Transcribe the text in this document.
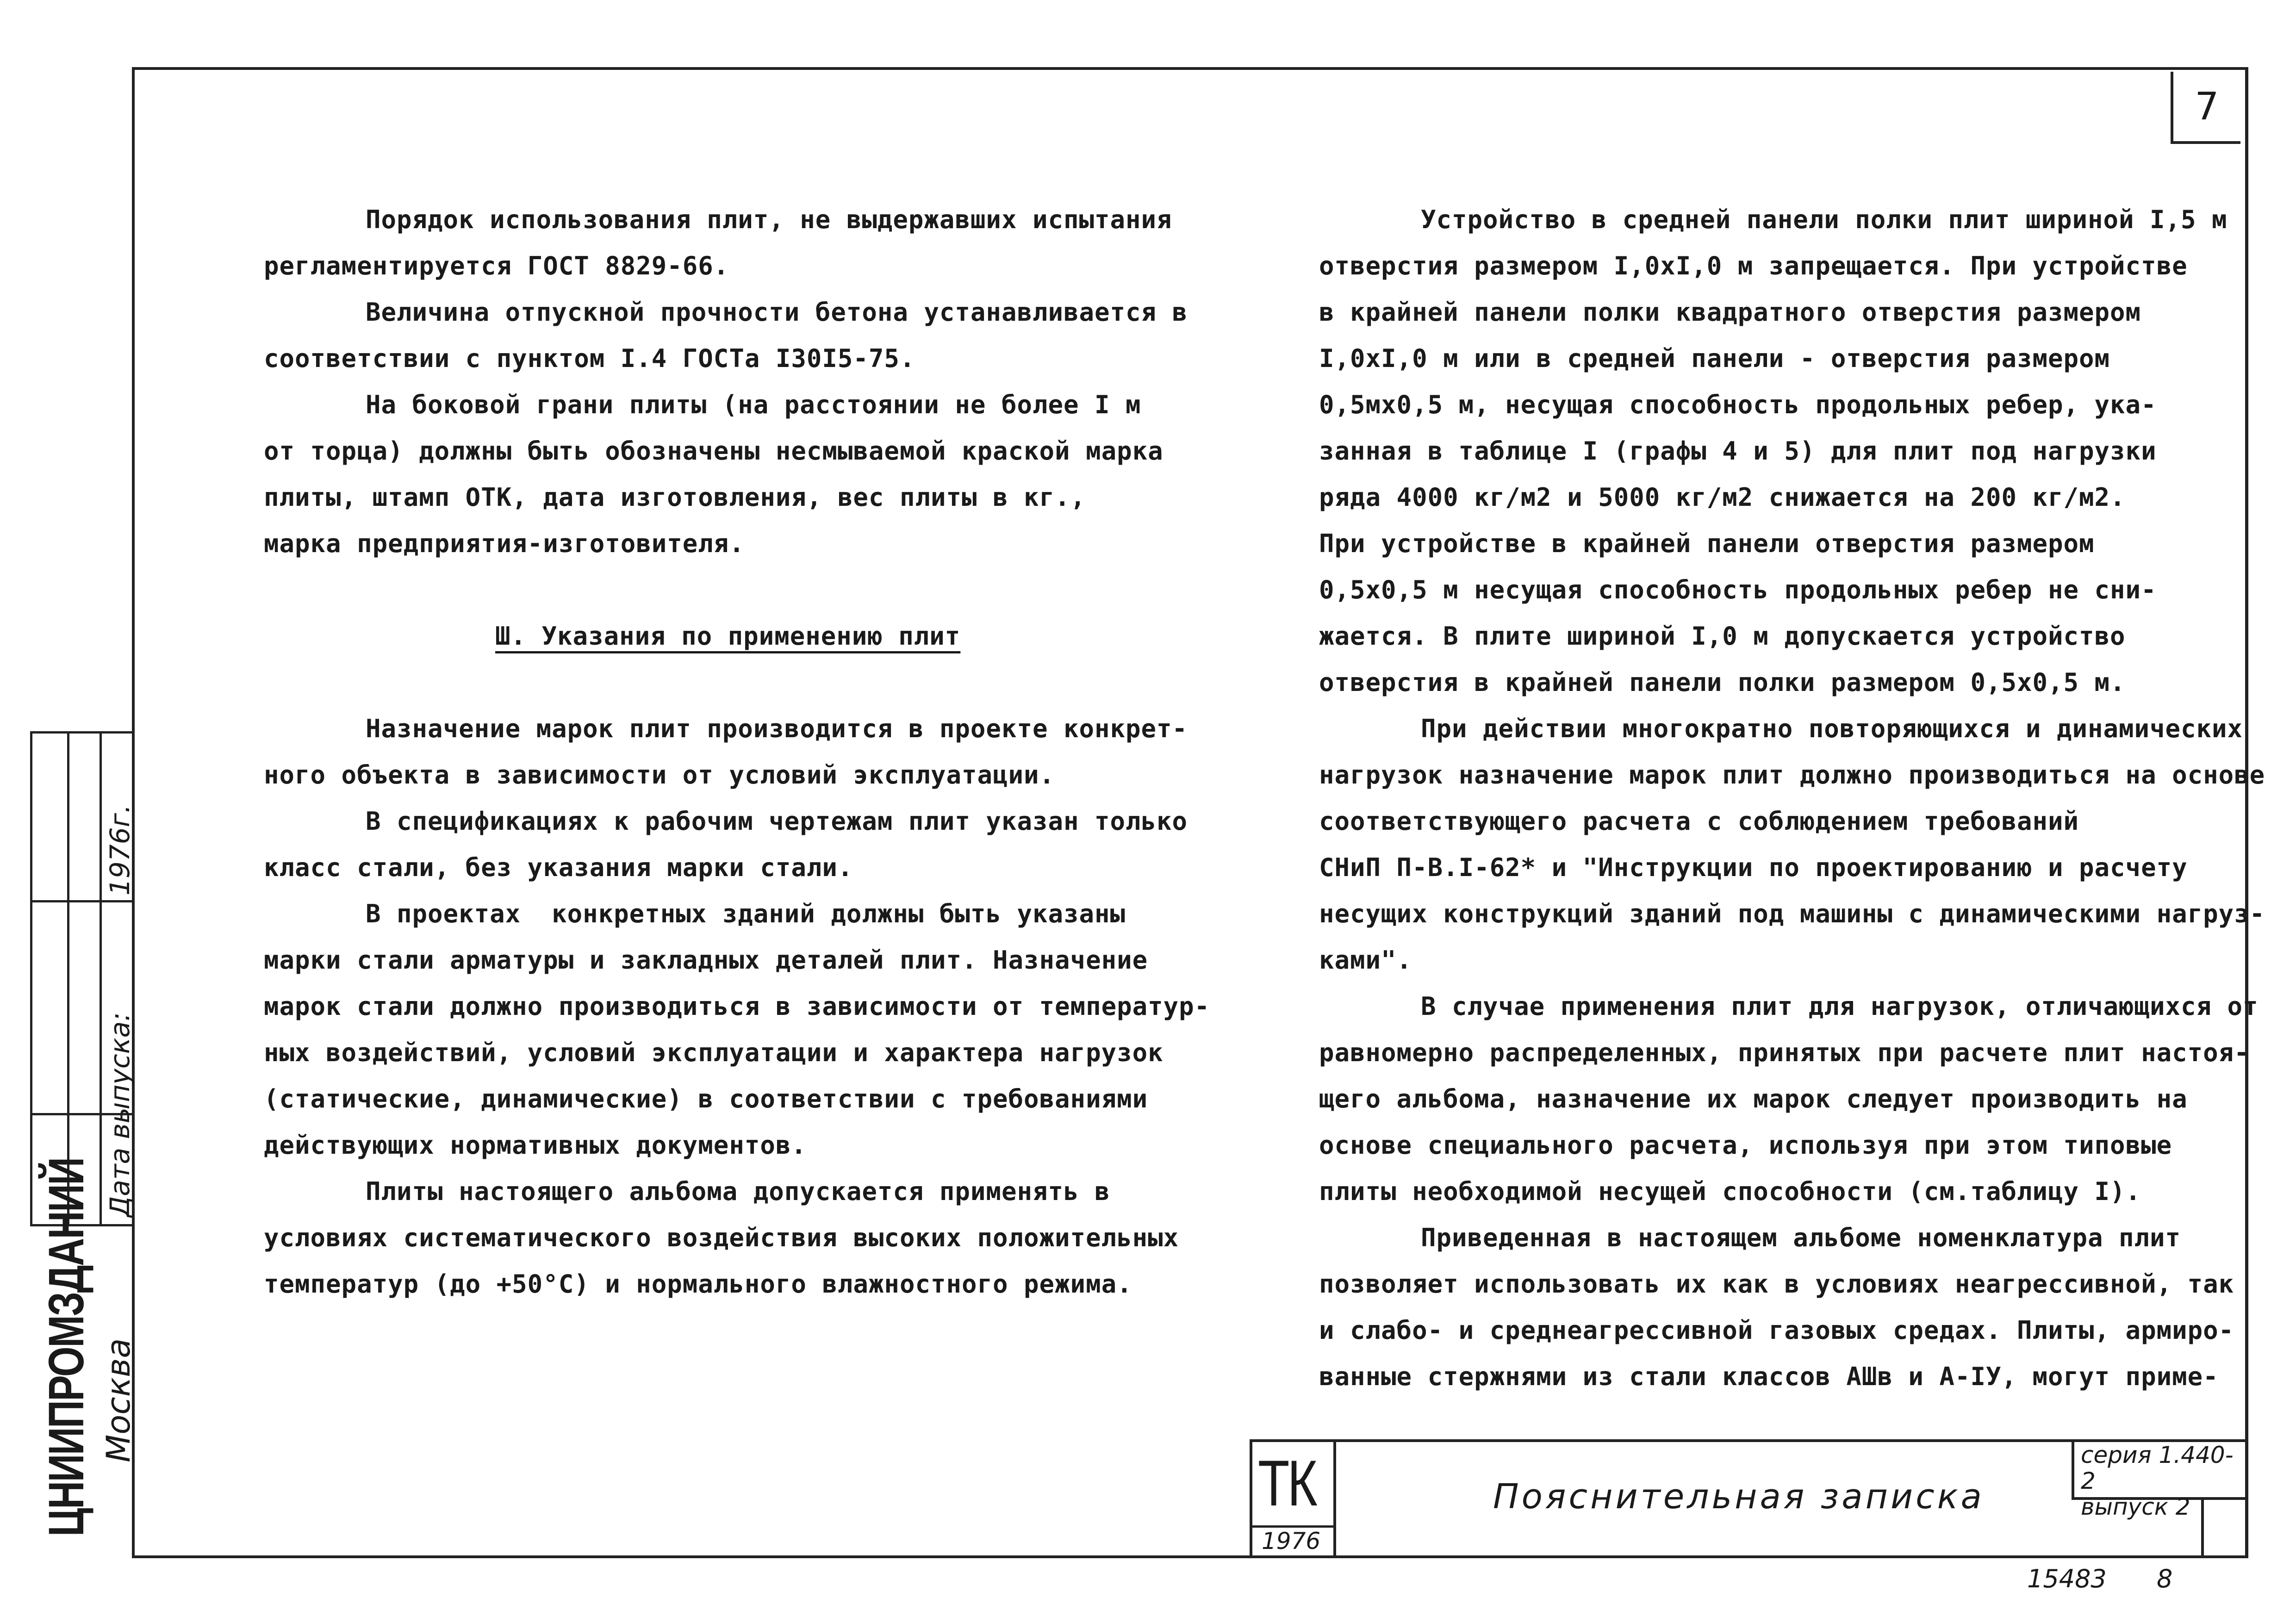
7

Порядок использования плит, не выдержавших испытания

регламентируется ГОСТ 8829-66.

Величина отпускной прочности бетона устанавливается в

соответствии с пунктом I.4 ГОСТа I30I5-75.

На боковой грани плиты (на расстоянии не более I м

от торца) должны быть обозначены несмываемой краской марка

плиты, штамп ОТК, дата изготовления, вес плиты в кг.,

марка предприятия-изготовителя.

Ш. Указания по применению плит

Назначение марок плит производится в проекте конкрет-

ного объекта в зависимости от условий эксплуатации.

В спецификациях к рабочим чертежам плит указан только

класс стали, без указания марки стали.

В проектах  конкретных зданий должны быть указаны

марки стали арматуры и закладных деталей плит. Назначение

марок стали должно производиться в зависимости от температур-

ных воздействий, условий эксплуатации и характера нагрузок

(статические, динамические) в соответствии с требованиями

действующих нормативных документов.

Плиты настоящего альбома допускается применять в

условиях систематического воздействия высоких положительных

температур (до +50°С) и нормального влажностного режима.

Устройство в средней панели полки плит шириной I,5 м

отверстия размером I,0xI,0 м запрещается. При устройстве

в крайней панели полки квадратного отверстия размером

I,0xI,0 м или в средней панели - отверстия размером

0,5мх0,5 м, несущая способность продольных ребер, ука-

занная в таблице I (графы 4 и 5) для плит под нагрузки

ряда 4000 кг/м2 и 5000 кг/м2 снижается на 200 кг/м2.

При устройстве в крайней панели отверстия размером

0,5х0,5 м несущая способность продольных ребер не сни-

жается. В плите шириной I,0 м допускается устройство

отверстия в крайней панели полки размером 0,5х0,5 м.

При действии многократно повторяющихся и динамических

нагрузок назначение марок плит должно производиться на основе

соответствующего расчета с соблюдением требований

СНиП П-В.I-62* и "Инструкции по проектированию и расчету

несущих конструкций зданий под машины с динамическими нагруз-

ками".

В случае применения плит для нагрузок, отличающихся от

равномерно распределенных, принятых при расчете плит настоя-

щего альбома, назначение их марок следует производить на

основе специального расчета, используя при этом типовые

плиты необходимой несущей способности (см.таблицу I).

Приведенная в настоящем альбоме номенклатура плит

позволяет использовать их как в условиях неагрессивной, так

и слабо- и среднеагрессивной газовых средах. Плиты, армиро-

ванные стержнями из стали классов АШв и А-IУ, могут приме-

Дата выпуска:
1976г.
ЦНИИПРОМЗДАНИЙ Москва
ТК
1976
Пояснительная записка
серия 1.440-2
выпуск 2
15483 8
